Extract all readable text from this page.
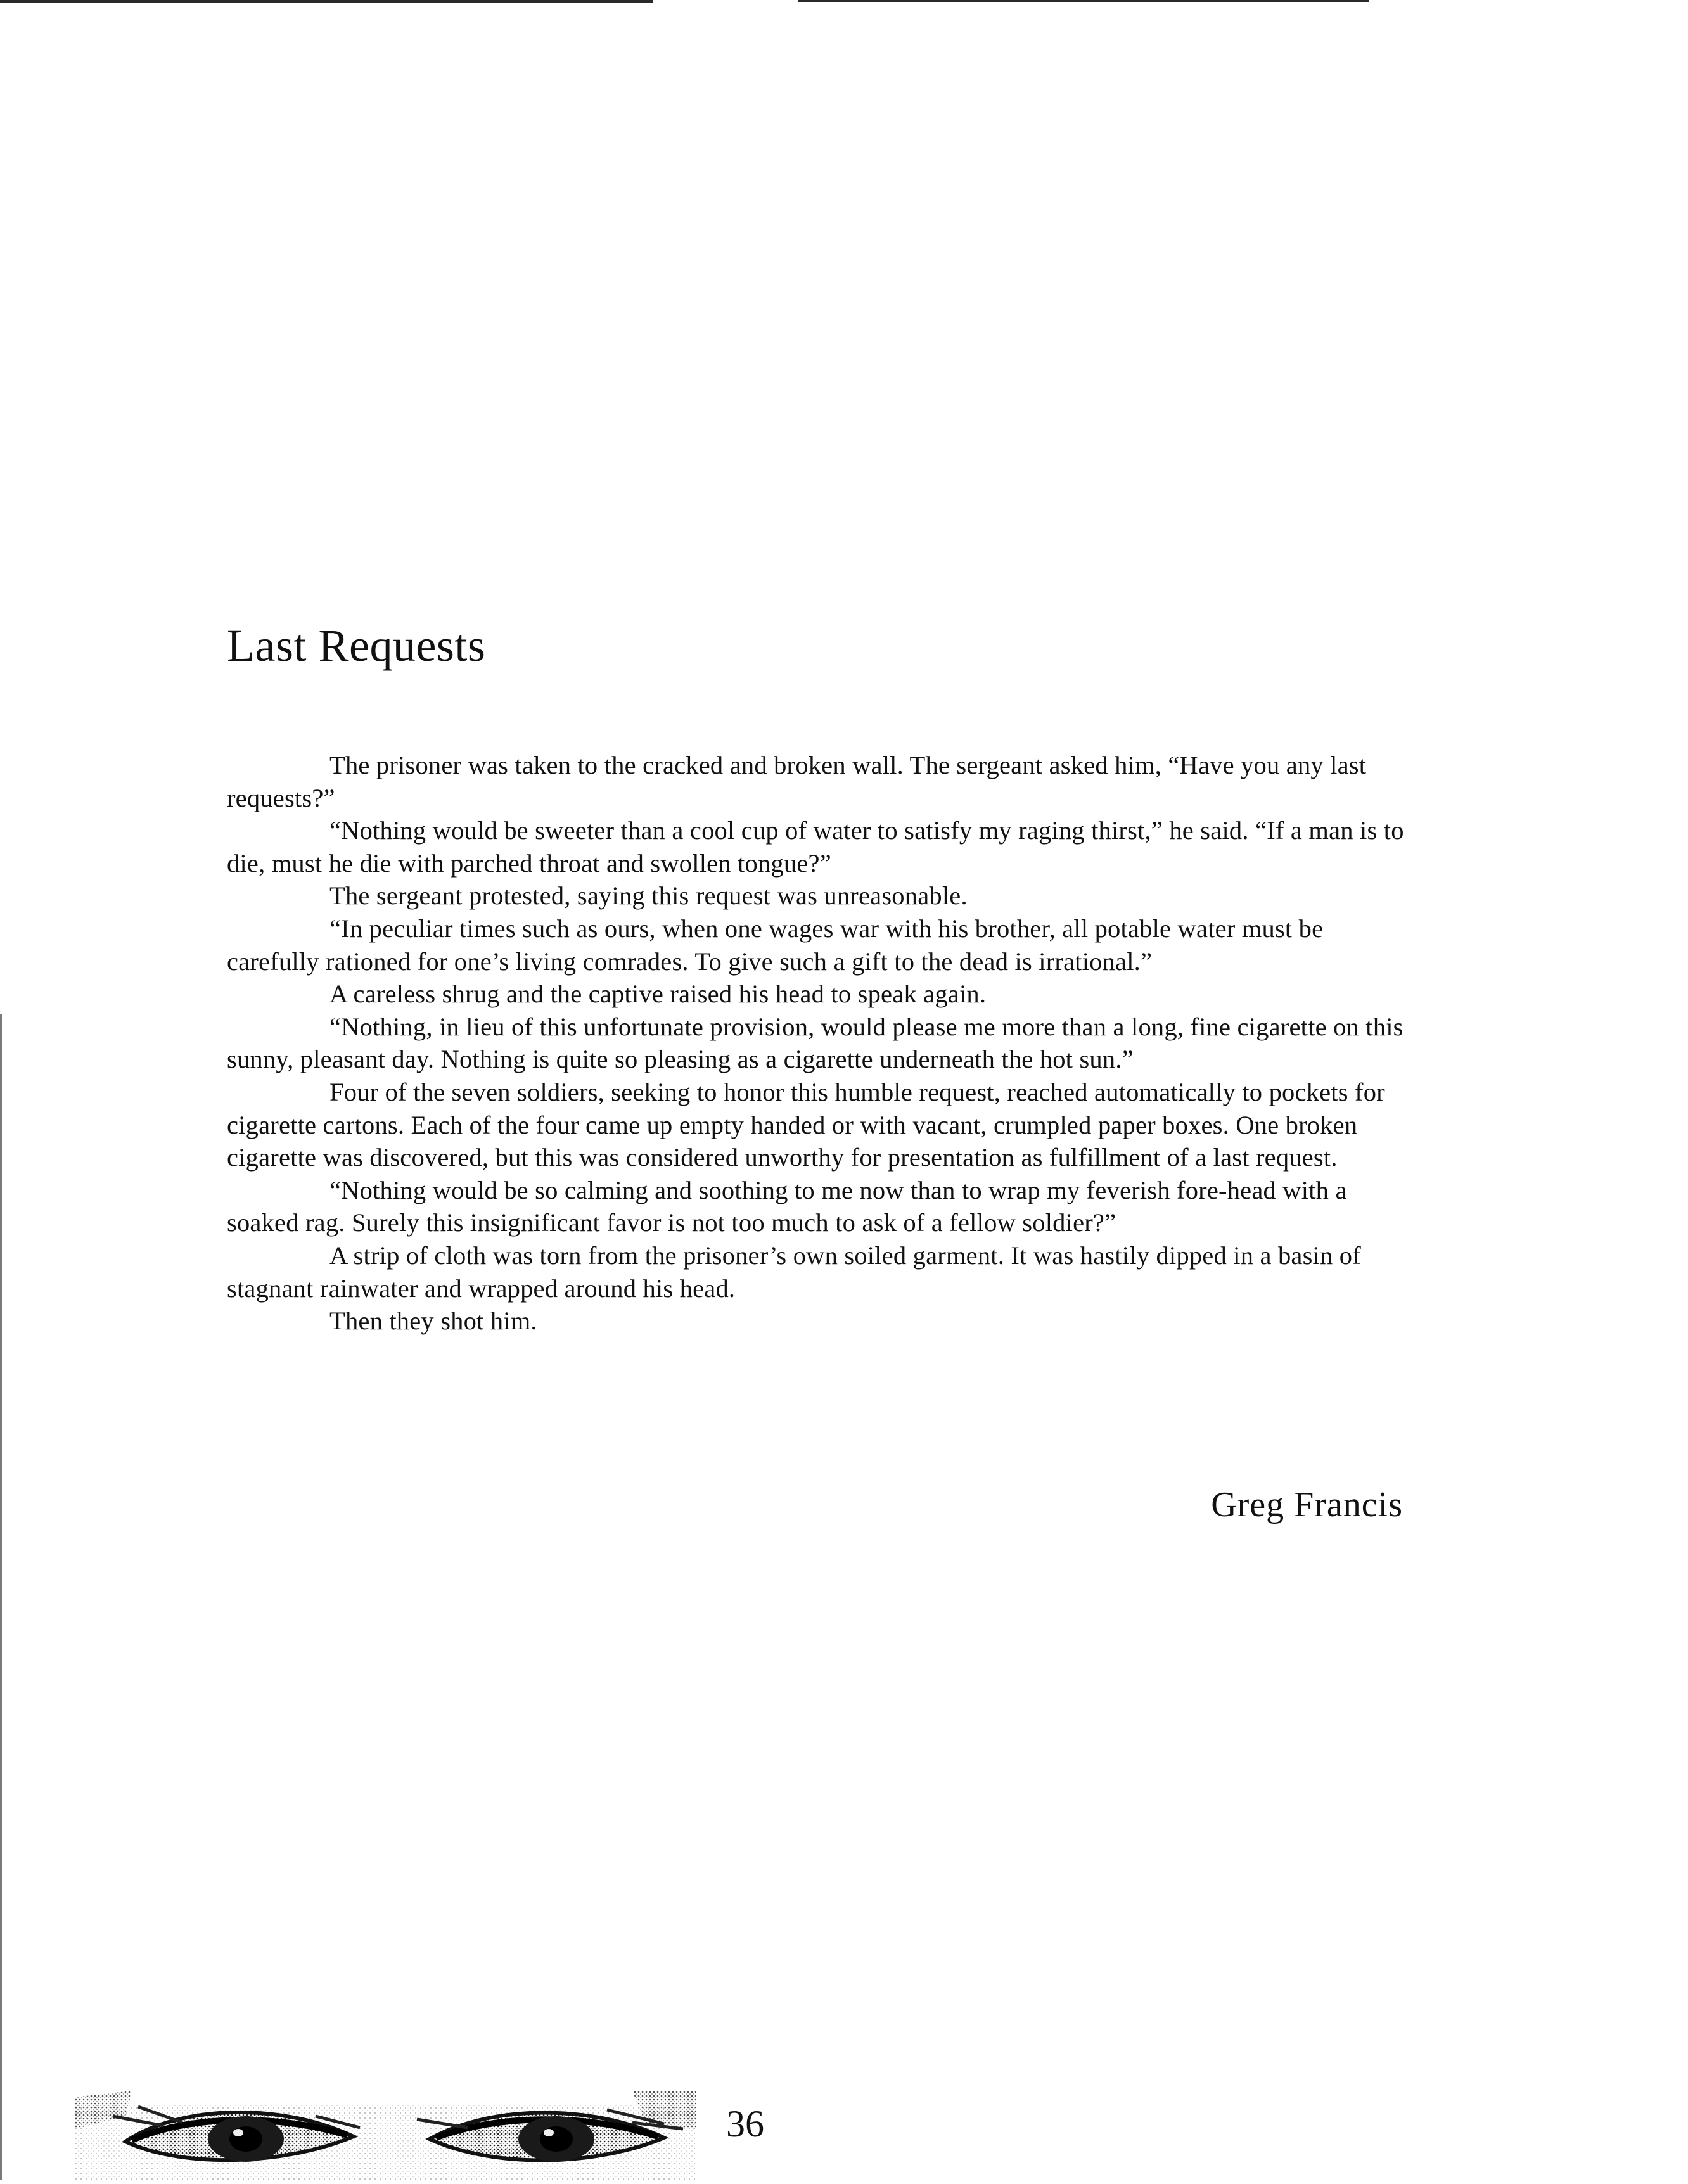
Last Requests

The prisoner was taken to the cracked and broken wall. The sergeant asked him, “Have you any last requests?”

“Nothing would be sweeter than a cool cup of water to satisfy my raging thirst,” he said. “If a man is to die, must he die with parched throat and swollen tongue?”

The sergeant protested, saying this request was unreasonable.

“In peculiar times such as ours, when one wages war with his brother, all potable water must be carefully rationed for one’s living comrades. To give such a gift to the dead is irrational.”

A careless shrug and the captive raised his head to speak again.

“Nothing, in lieu of this unfortunate provision, would please me more than a long, fine cigarette on this sunny, pleasant day. Nothing is quite so pleasing as a cigarette underneath the hot sun.”

Four of the seven soldiers, seeking to honor this humble request, reached automatically to pockets for cigarette cartons. Each of the four came up empty handed or with vacant, crumpled paper boxes. One broken cigarette was discovered, but this was considered unworthy for presentation as fulfillment of a last request.

“Nothing would be so calming and soothing to me now than to wrap my feverish fore-head with a soaked rag. Surely this insignificant favor is not too much to ask of a fellow soldier?”

A strip of cloth was torn from the prisoner’s own soiled garment. It was hastily dipped in a basin of stagnant rainwater and wrapped around his head.

Then they shot him.

Greg Francis
36
